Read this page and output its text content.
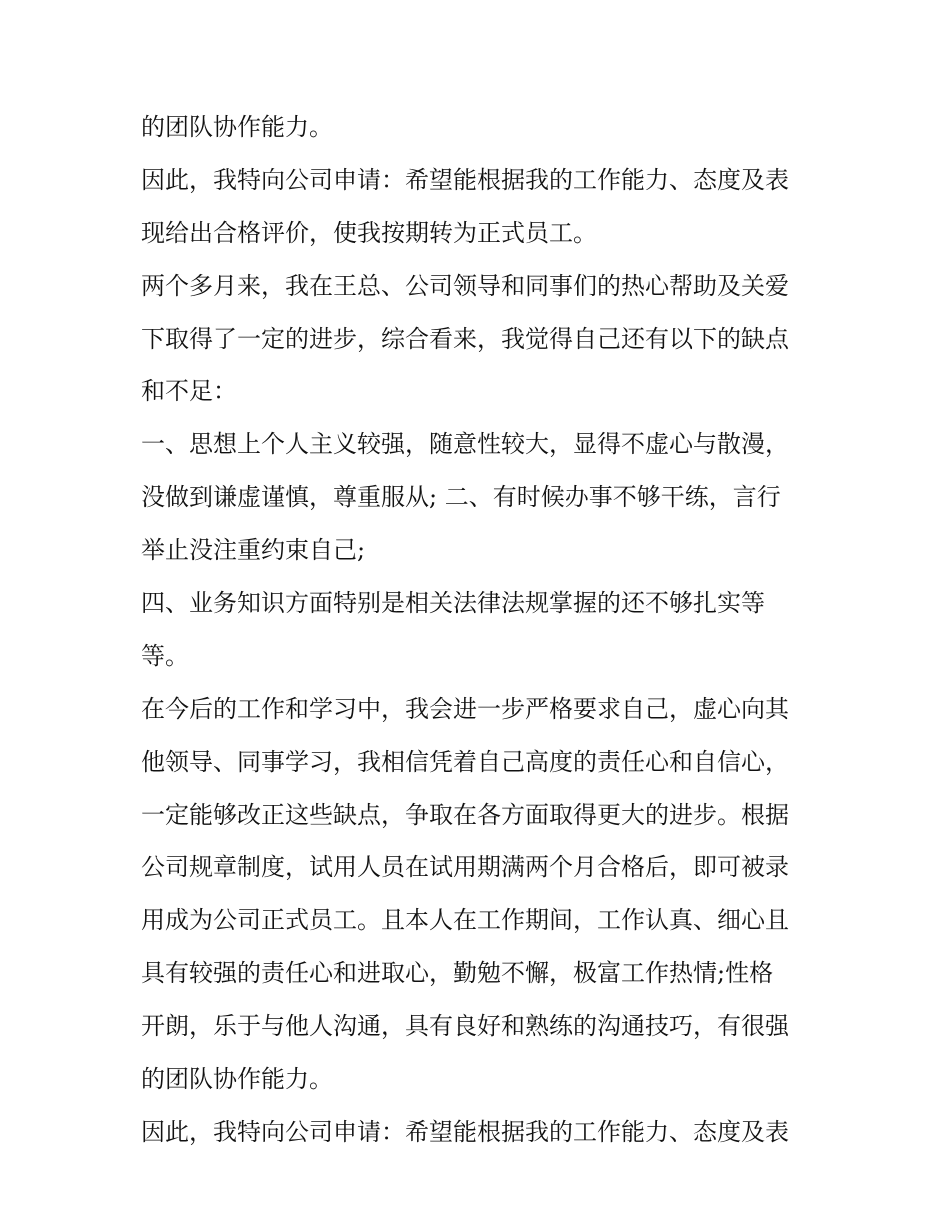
的团队协作能力。
因此，我特向公司申请：希望能根据我的工作能力、态度及表
现给出合格评价，使我按期转为正式员工。
两个多月来，我在王总、公司领导和同事们的热心帮助及关爱
下取得了一定的进步，综合看来，我觉得自己还有以下的缺点
和不足：
一、思想上个人主义较强，随意性较大，显得不虚心与散漫，
没做到谦虚谨慎，尊重服从; 二、有时候办事不够干练，言行
举止没注重约束自己;
四、业务知识方面特别是相关法律法规掌握的还不够扎实等
等。
在今后的工作和学习中，我会进一步严格要求自己，虚心向其
他领导、同事学习，我相信凭着自己高度的责任心和自信心，
一定能够改正这些缺点，争取在各方面取得更大的进步。根据
公司规章制度，试用人员在试用期满两个月合格后，即可被录
用成为公司正式员工。且本人在工作期间，工作认真、细心且
具有较强的责任心和进取心，勤勉不懈，极富工作热情;性格
开朗，乐于与他人沟通，具有良好和熟练的沟通技巧，有很强
的团队协作能力。
因此，我特向公司申请：希望能根据我的工作能力、态度及表
